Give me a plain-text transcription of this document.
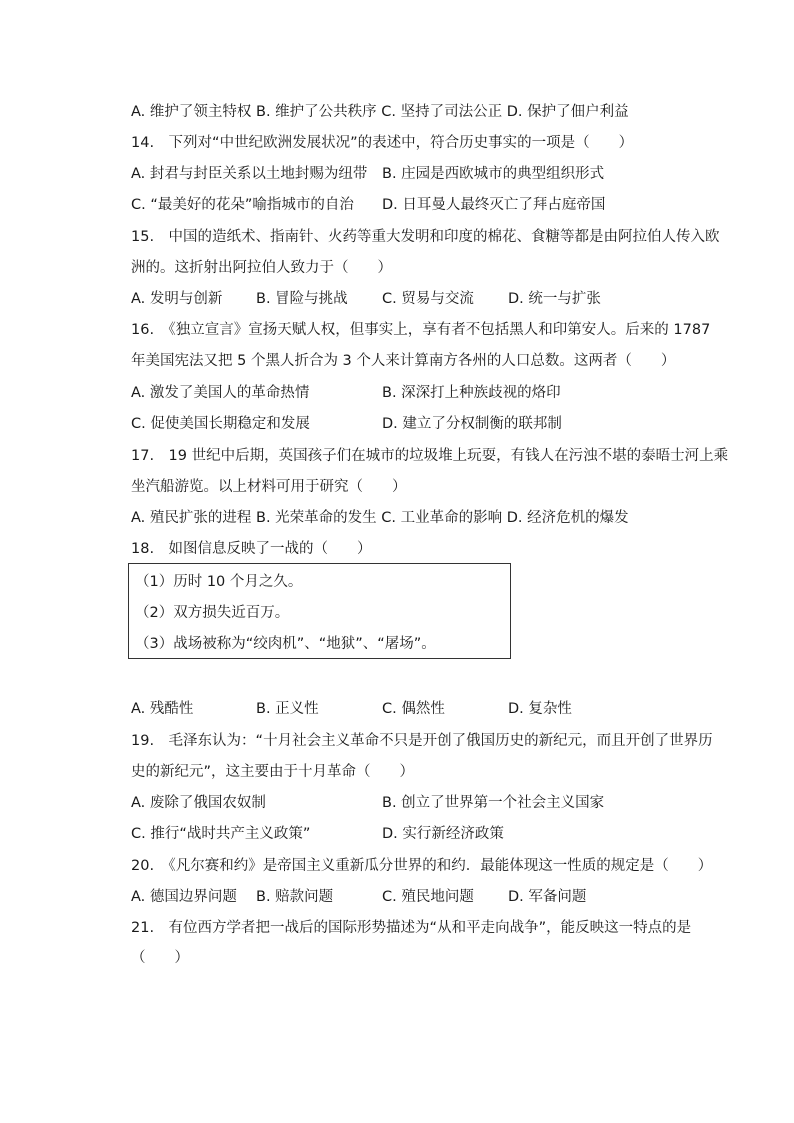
A. 维护了领主特权 B. 维护了公共秩序 C. 坚持了司法公正 D. 保护了佃户利益
14.　下列对“中世纪欧洲发展状况”的表述中，符合历史事实的一项是（　　）
A. 封君与封臣关系以土地封赐为纽带 B. 庄园是西欧城市的典型组织形式
C. “最美好的花朵”喻指城市的自治 D. 日耳曼人最终灭亡了拜占庭帝国
15.　中国的造纸术、指南针、火药等重大发明和印度的棉花、食糖等都是由阿拉伯人传入欧
洲的。这折射出阿拉伯人致力于（　　）
A. 发明与创新 B. 冒险与挑战 C. 贸易与交流 D. 统一与扩张
16.　《独立宣言》宣扬天赋人权，但事实上，享有者不包括黑人和印第安人。后来的 1787
年美国宪法又把 5 个黑人折合为 3 个人来计算南方各州的人口总数。这两者（　　）
A. 激发了美国人的革命热情	B. 深深打上种族歧视的烙印
C. 促使美国长期稳定和发展	D. 建立了分权制衡的联邦制
17.　19 世纪中后期，英国孩子们在城市的垃圾堆上玩耍，有钱人在污浊不堪的泰晤士河上乘
坐汽船游览。以上材料可用于研究（　　）
A. 殖民扩张的进程 B. 光荣革命的发生 C. 工业革命的影响 D. 经济危机的爆发
18.　如图信息反映了一战的（　　）
（1）历时 10 个月之久。
（2）双方损失近百万。
（3）战场被称为“绞肉机”、“地狱”、“屠场”。
A. 残酷性	B. 正义性	C. 偶然性	D. 复杂性
19.　毛泽东认为：“十月社会主义革命不只是开创了俄国历史的新纪元，而且开创了世界历
史的新纪元”，这主要由于十月革命（　　）
A. 废除了俄国农奴制	B. 创立了世界第一个社会主义国家
C. 推行“战时共产主义政策”	D. 实行新经济政策
20.　《凡尔赛和约》是帝国主义重新瓜分世界的和约．最能体现这一性质的规定是（　　）
A. 德国边界问题 B. 赔款问题	C. 殖民地问题 D. 军备问题
21.　有位西方学者把一战后的国际形势描述为“从和平走向战争”，能反映这一特点的是
（　　）
